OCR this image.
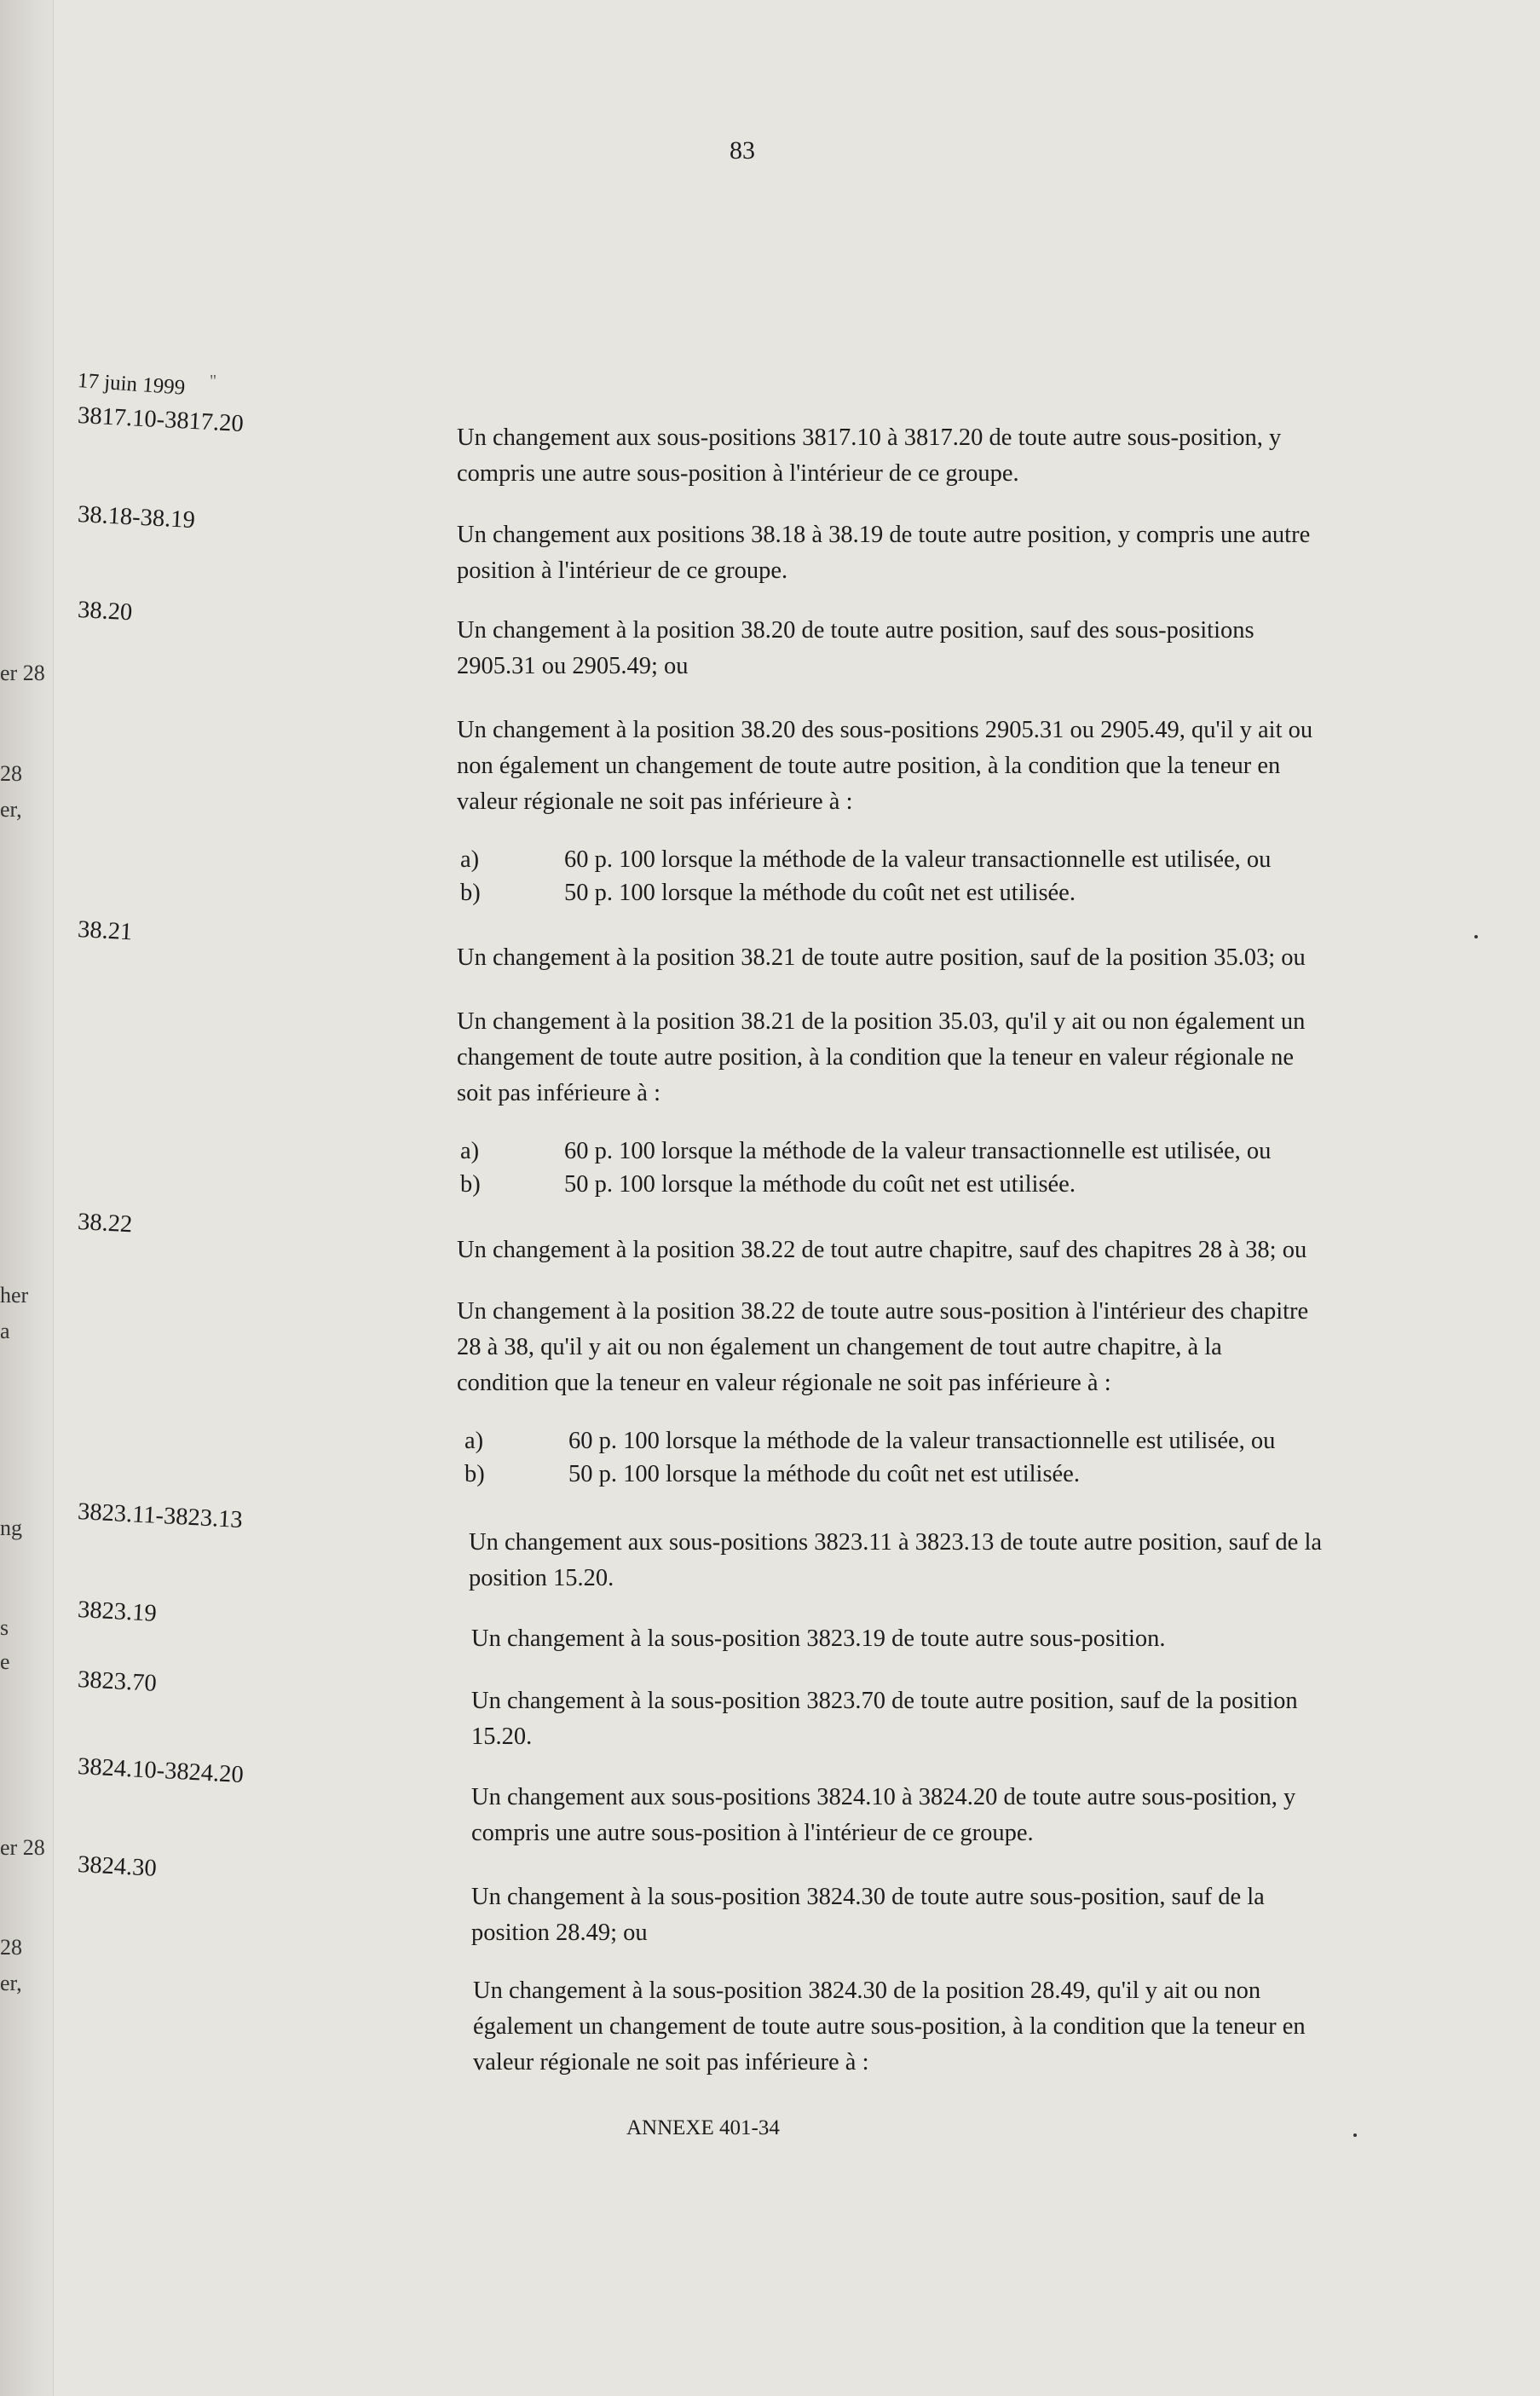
er 28
28
er,
her
a
ng
s
e
er 28
28
er,
83
17 juin 1999 "
3817.10-3817.20
Un changement aux sous-positions 3817.10 à 3817.20 de toute autre sous-position, y
compris une autre sous-position à l'intérieur de ce groupe.
38.18-38.19
Un changement aux positions 38.18 à 38.19 de toute autre position, y compris une autre
position à l'intérieur de ce groupe.
38.20
Un changement à la position 38.20 de toute autre position, sauf des sous-positions
2905.31 ou 2905.49; ou
Un changement à la position 38.20 des sous-positions 2905.31 ou 2905.49, qu'il y ait ou
non également un changement de toute autre position, à la condition que la teneur en
valeur régionale ne soit pas inférieure à :
a)	60 p. 100 lorsque la méthode de la valeur transactionnelle est utilisée, ou
b)	50 p. 100 lorsque la méthode du coût net est utilisée.
38.21
Un changement à la position 38.21 de toute autre position, sauf de la position 35.03; ou
Un changement à la position 38.21 de la position 35.03, qu'il y ait ou non également un
changement de toute autre position, à la condition que la teneur en valeur régionale ne
soit pas inférieure à :
a)	60 p. 100 lorsque la méthode de la valeur transactionnelle est utilisée, ou
b)	50 p. 100 lorsque la méthode du coût net est utilisée.
38.22
Un changement à la position 38.22 de tout autre chapitre, sauf des chapitres 28 à 38; ou
Un changement à la position 38.22 de toute autre sous-position à l'intérieur des chapitre
28 à 38, qu'il y ait ou non également un changement de tout autre chapitre, à la
condition que la teneur en valeur régionale ne soit pas inférieure à :
a)	60 p. 100 lorsque la méthode de la valeur transactionnelle est utilisée, ou
b)	50 p. 100 lorsque la méthode du coût net est utilisée.
3823.11-3823.13
Un changement aux sous-positions 3823.11 à 3823.13 de toute autre position, sauf de la
position 15.20.
3823.19
Un changement à la sous-position 3823.19 de toute autre sous-position.
3823.70
Un changement à la sous-position 3823.70 de toute autre position, sauf de la position
15.20.
3824.10-3824.20
Un changement aux sous-positions 3824.10 à 3824.20 de toute autre sous-position, y
compris une autre sous-position à l'intérieur de ce groupe.
3824.30
Un changement à la sous-position 3824.30 de toute autre sous-position, sauf de la
position 28.49; ou
Un changement à la sous-position 3824.30 de la position 28.49, qu'il y ait ou non
également un changement de toute autre sous-position, à la condition que la teneur en
valeur régionale ne soit pas inférieure à :
ANNEXE 401-34
